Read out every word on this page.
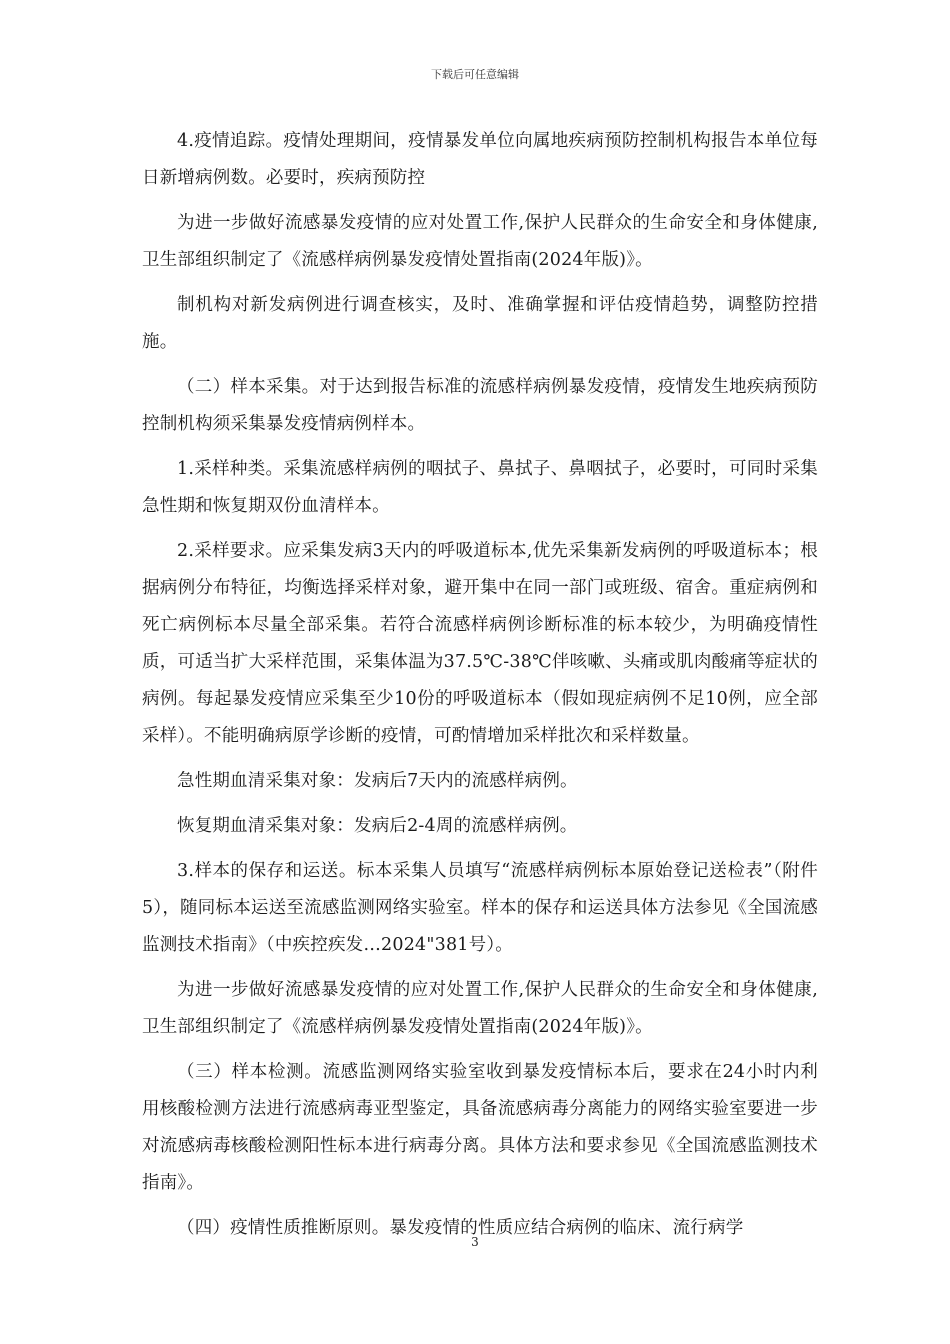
下载后可任意编辑

4.疫情追踪。疫情处理期间，疫情暴发单位向属地疾病预防控制机构报告本单位每日新增病例数。必要时，疾病预防控

为进一步做好流感暴发疫情的应对处置工作,保护人民群众的生命安全和身体健康,卫生部组织制定了《流感样病例暴发疫情处置指南(2024年版)》。

制机构对新发病例进行调查核实，及时、准确掌握和评估疫情趋势，调整防控措施。

（二）样本采集。对于达到报告标准的流感样病例暴发疫情，疫情发生地疾病预防控制机构须采集暴发疫情病例样本。

1.采样种类。采集流感样病例的咽拭子、鼻拭子、鼻咽拭子，必要时，可同时采集急性期和恢复期双份血清样本。

2.采样要求。应采集发病3天内的呼吸道标本,优先采集新发病例的呼吸道标本；根据病例分布特征，均衡选择采样对象，避开集中在同一部门或班级、宿舍。重症病例和死亡病例标本尽量全部采集。若符合流感样病例诊断标准的标本较少，为明确疫情性质，可适当扩大采样范围，采集体温为37.5℃-38℃伴咳嗽、头痛或肌肉酸痛等症状的病例。每起暴发疫情应采集至少10份的呼吸道标本（假如现症病例不足10例，应全部采样）。不能明确病原学诊断的疫情，可酌情增加采样批次和采样数量。

急性期血清采集对象：发病后7天内的流感样病例。

恢复期血清采集对象：发病后2-4周的流感样病例。

3.样本的保存和运送。标本采集人员填写“流感样病例标本原始登记送检表”（附件5），随同标本运送至流感监测网络实验室。样本的保存和运送具体方法参见《全国流感监测技术指南》（中疾控疾发…2024"381号）。

为进一步做好流感暴发疫情的应对处置工作,保护人民群众的生命安全和身体健康,卫生部组织制定了《流感样病例暴发疫情处置指南(2024年版)》。

（三）样本检测。流感监测网络实验室收到暴发疫情标本后，要求在24小时内利用核酸检测方法进行流感病毒亚型鉴定，具备流感病毒分离能力的网络实验室要进一步对流感病毒核酸检测阳性标本进行病毒分离。具体方法和要求参见《全国流感监测技术指南》。

（四）疫情性质推断原则。暴发疫情的性质应结合病例的临床、流行病学

3
